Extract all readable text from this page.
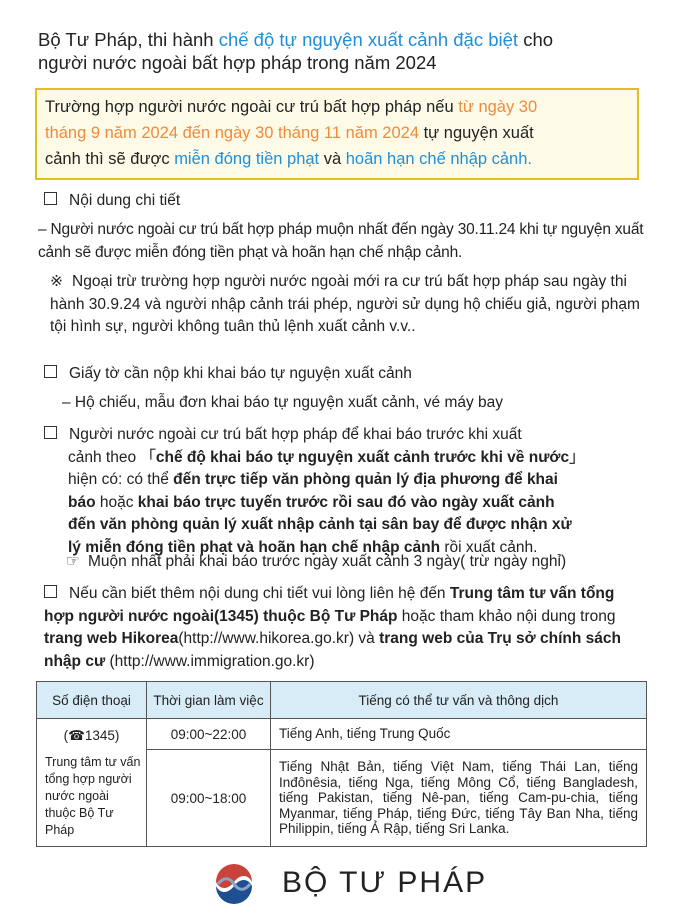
Bộ Tư Pháp, thi hành chế độ tự nguyện xuất cảnh đặc biệt cho
người nước ngoài bất hợp pháp trong năm 2024
Trường hợp người nước ngoài cư trú bất hợp pháp nếu từ ngày 30
tháng 9 năm 2024 đến ngày 30 tháng 11 năm 2024 tự nguyện xuất
cảnh thì sẽ được miễn đóng tiền phạt và hoãn hạn chế nhập cảnh.
Nội dung chi tiết
– Người nước ngoài cư trú bất hợp pháp muộn nhất đến ngày 30.11.24 khi tự nguyện xuất cảnh sẽ được miễn đóng tiền phạt và hoãn hạn chế nhập cảnh.
※ Ngoại trừ trường hợp người nước ngoài mới ra cư trú bất hợp pháp sau ngày thi hành 30.9.24 và người nhập cảnh trái phép, người sử dụng hộ chiếu giả, người phạm tội hình sự, người không tuân thủ lệnh xuất cảnh v.v..
Giấy tờ cần nộp khi khai báo tự nguyện xuất cảnh
– Hộ chiếu, mẫu đơn khai báo tự nguyện xuất cảnh, vé máy bay
Người nước ngoài cư trú bất hợp pháp để khai báo trước khi xuất
cảnh theo 「chế độ khai báo tự nguyện xuất cảnh trước khi về nước」
hiện có: có thể đến trực tiếp văn phòng quản lý địa phương để khai
báo hoặc khai báo trực tuyến trước rồi sau đó vào ngày xuất cảnh
đến văn phòng quản lý xuất nhập cảnh tại sân bay để được nhận xử
lý miễn đóng tiền phạt và hoãn hạn chế nhập cảnh rồi xuất cảnh.
☞ Muộn nhất phải khai báo trước ngày xuất cảnh 3 ngày( trừ ngày nghỉ)
Nếu cần biết thêm nội dung chi tiết vui lòng liên hệ đến Trung tâm tư vấn tổng hợp người nước ngoài(1345) thuộc Bộ Tư Pháp hoặc tham khảo nội dung trong trang web Hikorea(http://www.hikorea.go.kr) và trang web của Trụ sở chính sách nhập cư (http://www.immigration.go.kr)
Số điện thoại	Thời gian làm việc	Tiếng có thể tư vấn và thông dịch

(☎1345)
Trung tâm tư vấn tổng hợp người nước ngoài thuộc Bộ Tư Pháp	09:00~22:00	Tiếng Anh, tiếng Trung Quốc
	09:00~18:00	Tiếng Nhật Bản, tiếng Việt Nam, tiếng Thái Lan, tiếng Inđônêsia, tiếng Nga, tiếng Mông Cổ, tiếng Bangladesh, tiếng Pakistan, tiếng Nê-pan, tiếng Cam-pu-chia, tiếng Myanmar, tiếng Pháp, tiếng Đức, tiếng Tây Ban Nha, tiếng Philippin, tiếng Ả Rập, tiếng Sri Lanka.
BỘ TƯ PHÁP
